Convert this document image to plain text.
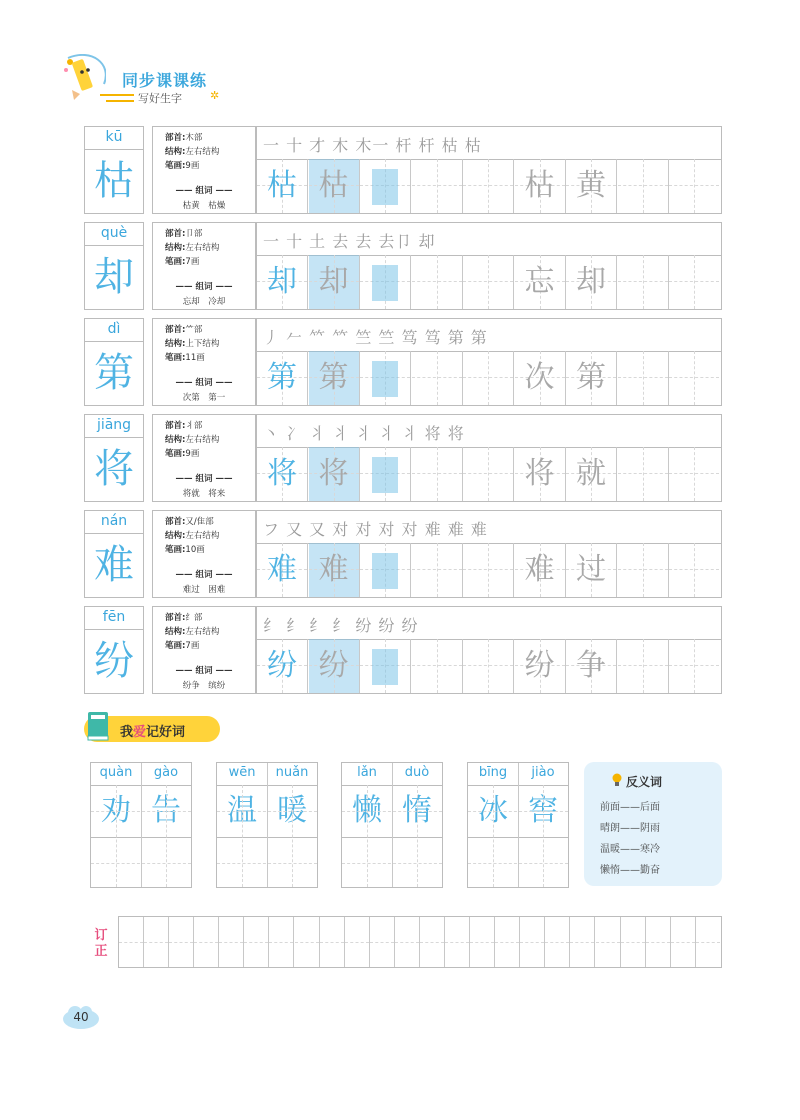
同步课课练
写好生字	✲
kū
枯
部首:木部
结构:左右结构
笔画:9画
—— 组词 ——
枯黄　枯燥
一 十 才 木 木一 杆 杆 枯 枯
枯 枯	枯 黄
què
却
部首:卩部
结构:左右结构
笔画:7画
—— 组词 ——
忘却　冷却
一 十 土 去 去 去卩 却
却 却	忘 却
dì
第
部首:⺮部
结构:上下结构
笔画:11画
—— 组词 ——
次第　第一
丿 𠂉 𥫗 𥫗 竺 竺 笃 笃 第 第
第 第	次 第
jiāng
将
部首:丬部
结构:左右结构
笔画:9画
—— 组词 ——
将就　将来
丶 冫 丬 丬 丬 丬 丬 将 将
将 将	将 就
nán
难
部首:又/隹部
结构:左右结构
笔画:10画
—— 组词 ——
难过　困难
フ 又 又 对 对 对 对 难 难 难
难 难	难 过
fēn
纷
部首:纟部
结构:左右结构
笔画:7画
—— 组词 ——
纷争　缤纷
纟 纟 纟 纟 纷 纷 纷
纷 纷	纷 争
我爱记好词
quàn	gào
劝 告
wēn	nuǎn
温 暖
lǎn	duò
懒 惰
bīng	jiào
冰 窖
反义词
前面——后面
晴朗——阴雨
温暖——寒冷
懒惰——勤奋
订正
40
